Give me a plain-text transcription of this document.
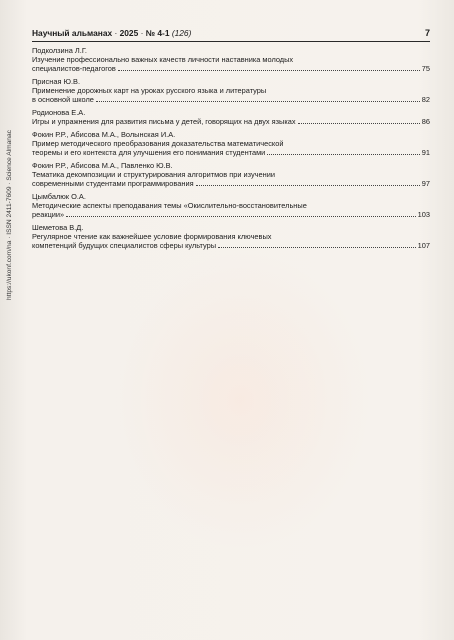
Научный альманах · 2025 · № 4-1 (126)	7
https://ukonf.com/na · ISSN 2411-7609 · Science Almanac
Подколзина Л.Г.
Изучение профессионально важных качеств личности наставника молодых
специалистов-педагогов	75
Присная Ю.В.
Применение дорожных карт на уроках русского языка и литературы
в основной школе	82
Родионова Е.А.
Игры и упражнения для развития письма у детей, говорящих на двух языках	86
Фокин Р.Р., Абисова М.А., Волынская И.А.
Пример методического преобразования доказательства математической
теоремы и его контекста для улучшения его понимания студентами	91
Фокин Р.Р., Абисова М.А., Павленко Ю.В.
Тематика декомпозиции и структурирования алгоритмов при изучении
современными студентами программирования	97
Цымбалюк О.А.
Методические аспекты преподавания темы «Окислительно-восстановительные
реакции»	103
Шеметова В.Д.
Регулярное чтение как важнейшее условие формирования ключевых
компетенций будущих специалистов сферы культуры	107
